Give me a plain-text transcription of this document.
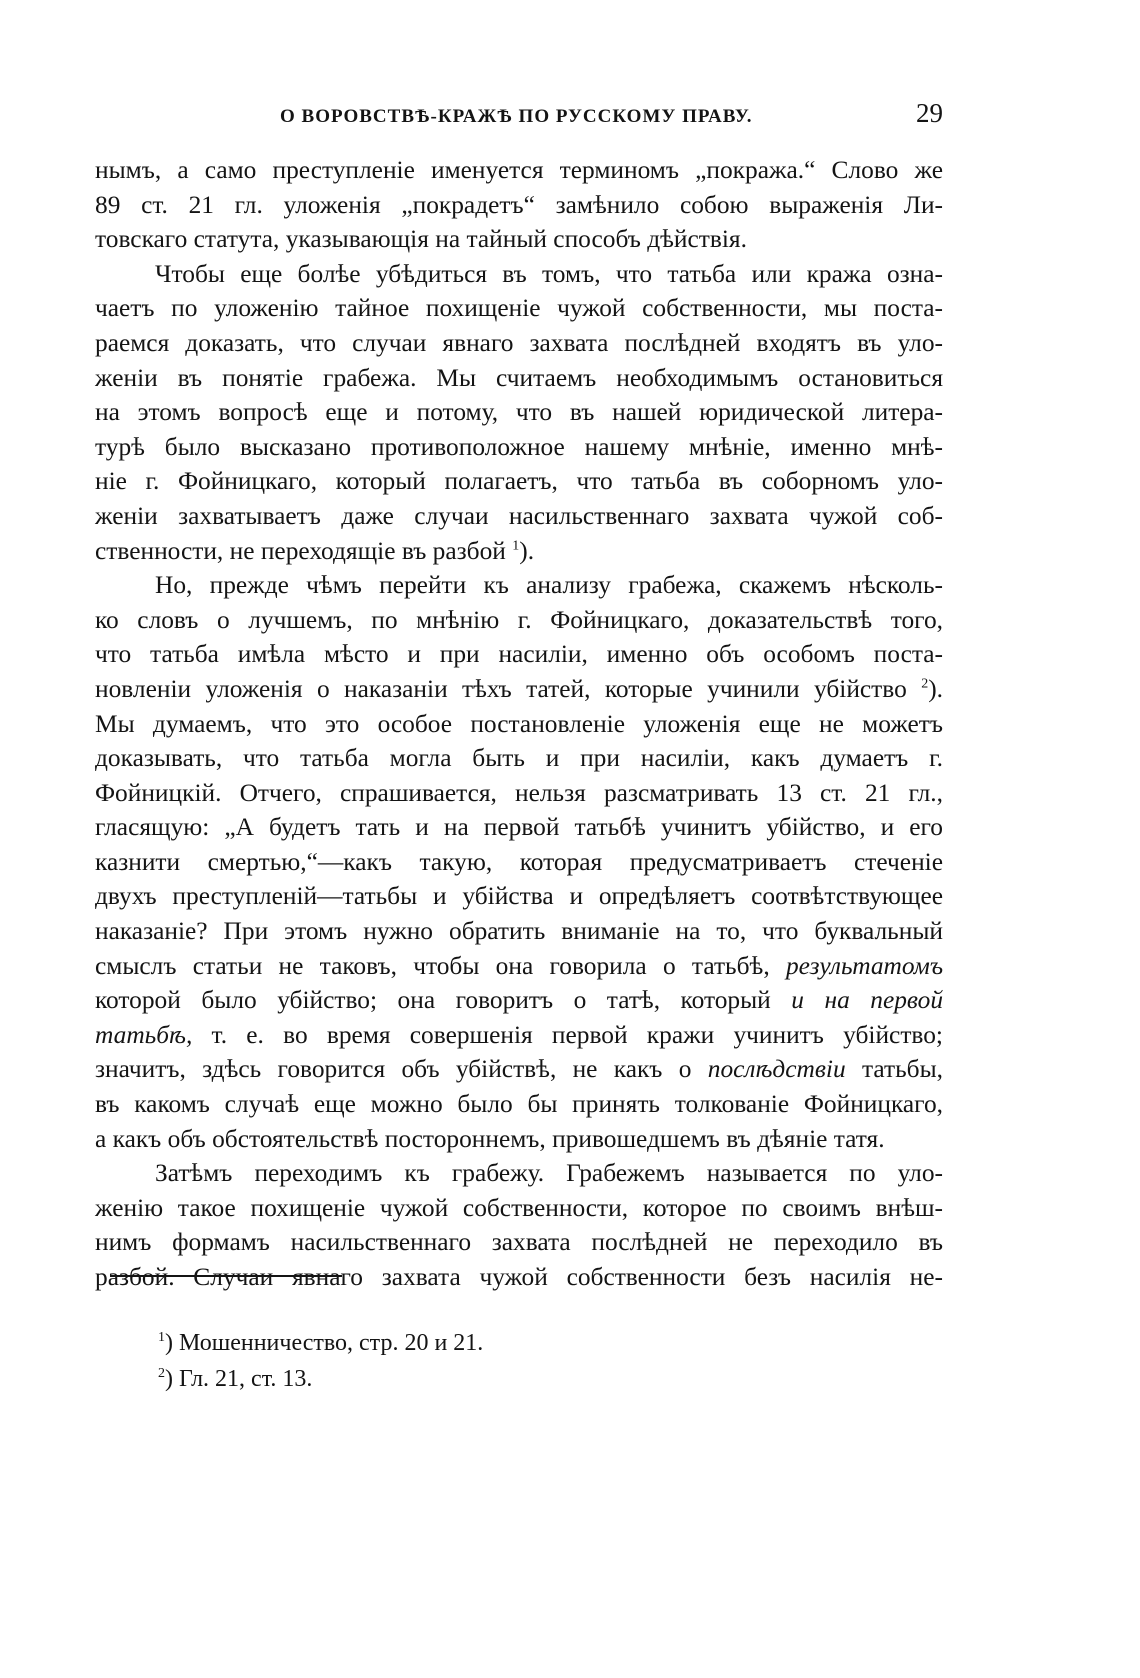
О ВОРОВСТВѢ-КРАЖѢ ПО РУССКОМУ ПРАВУ.	29
нымъ, а само преступленіе именуется терминомъ „покража.“ Слово же
89 ст. 21 гл. уложенія „покрадетъ“ замѣнило собою выраженія Ли-
товскаго статута, указывающія на тайный способъ дѣйствія.
Чтобы еще болѣе убѣдиться въ томъ, что татьба или кража озна-
чаетъ по уложенію тайное похищеніе чужой собственности, мы поста-
раемся доказать, что случаи явнаго захвата послѣдней входятъ въ уло-
женіи въ понятіе грабежа. Мы считаемъ необходимымъ остановиться
на этомъ вопросѣ еще и потому, что въ нашей юридической литера-
турѣ было высказано противоположное нашему мнѣніе, именно мнѣ-
ніе г. Фойницкаго, который полагаетъ, что татьба въ соборномъ уло-
женіи захватываетъ даже случаи насильственнаго захвата чужой соб-
ственности, не переходящіе въ разбой $^1$).
Но, прежде чѣмъ перейти къ анализу грабежа, скажемъ нѣсколь-
ко словъ о лучшемъ, по мнѣнію г. Фойницкаго, доказательствѣ того,
что татьба имѣла мѣсто и при насиліи, именно объ особомъ поста-
новленіи уложенія о наказаніи тѣхъ татей, которые учинили убійство $^2$).
Мы думаемъ, что это особое постановленіе уложенія еще не можетъ
доказывать, что татьба могла быть и при насиліи, какъ думаетъ г.
Фойницкій. Отчего, спрашивается, нельзя разсматривать 13 ст. 21 гл.,
гласящую: „А будетъ тать и на первой татьбѣ учинитъ убійство, и его
казнити смертью,“—какъ такую, которая предусматриваетъ стеченіе
двухъ преступленій—татьбы и убійства и опредѣляетъ соотвѣтствующее
наказаніе? При этомъ нужно обратить вниманіе на то, что буквальный
смыслъ статьи не таковъ, чтобы она говорила о татьбѣ, результатомъ
которой было убійство; она говоритъ о татѣ, который и на первой
татьбѣ, т. е. во время совершенія первой кражи учинитъ убійство;
значитъ, здѣсь говорится объ убійствѣ, не какъ о послѣдствіи татьбы,
въ какомъ случаѣ еще можно было бы принять толкованіе Фойницкаго,
а какъ объ обстоятельствѣ постороннемъ, привошедшемъ въ дѣяніе татя.
Затѣмъ переходимъ къ грабежу. Грабежемъ называется по уло-
женію такое похищеніе чужой собственности, которое по своимъ внѣш-
нимъ формамъ насильственнаго захвата послѣдней не переходило въ
разбой. Случаи явнаго захвата чужой собственности безъ насилія не-
$^1$) Мошенничество, стр. 20 и 21.
$^2$) Гл. 21, ст. 13.
